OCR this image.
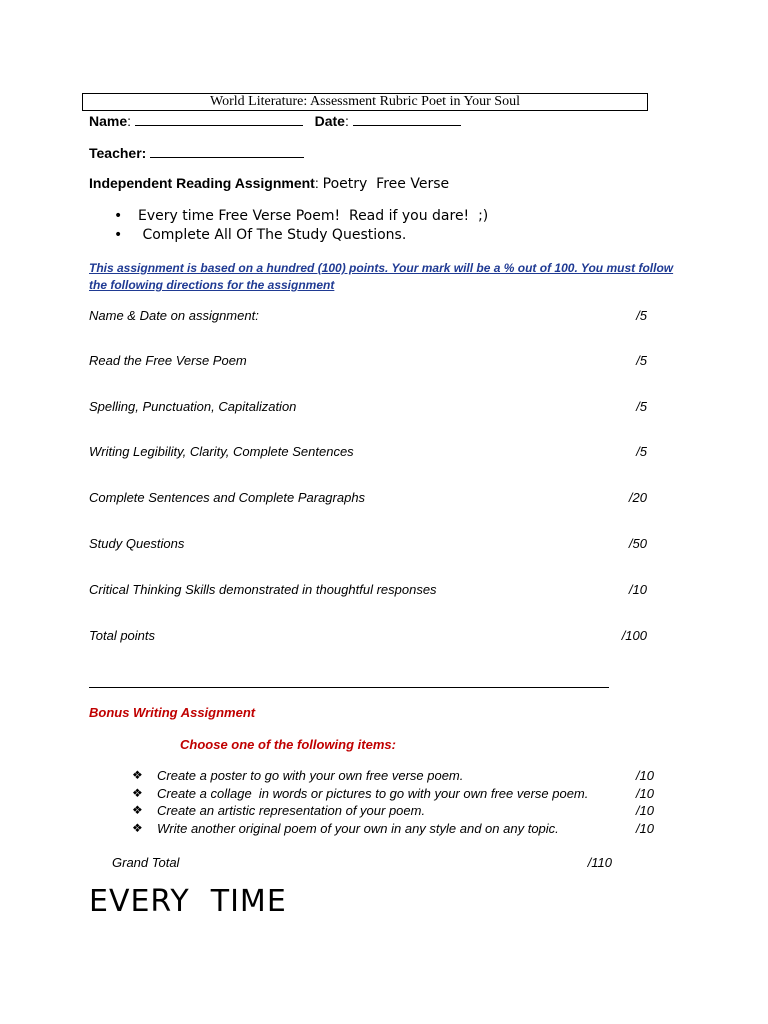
World Literature: Assessment Rubric Poet in Your Soul
Name:	Date:
Teacher:
Independent Reading Assignment: Poetry  Free Verse
• Every time Free Verse Poem!  Read if you dare!  ;)
•  Complete All Of The Study Questions.
This assignment is based on a hundred (100) points. Your mark will be a % out of 100. You must follow the following directions for the assignment
Name & Date on assignment:	/5
Read the Free Verse Poem	/5
Spelling, Punctuation, Capitalization	/5
Writing Legibility, Clarity, Complete Sentences	/5
Complete Sentences and Complete Paragraphs	/20
Study Questions	/50
Critical Thinking Skills demonstrated in thoughtful responses	/10
Total points	/100
Bonus Writing Assignment
Choose one of the following items:
❖ Create a poster to go with your own free verse poem.	/10
❖ Create a collage  in words or pictures to go with your own free verse poem.	/10
❖ Create an artistic representation of your poem.	/10
❖ Write another original poem of your own in any style and on any topic.	/10
Grand Total	/110
EVERY  TIME
